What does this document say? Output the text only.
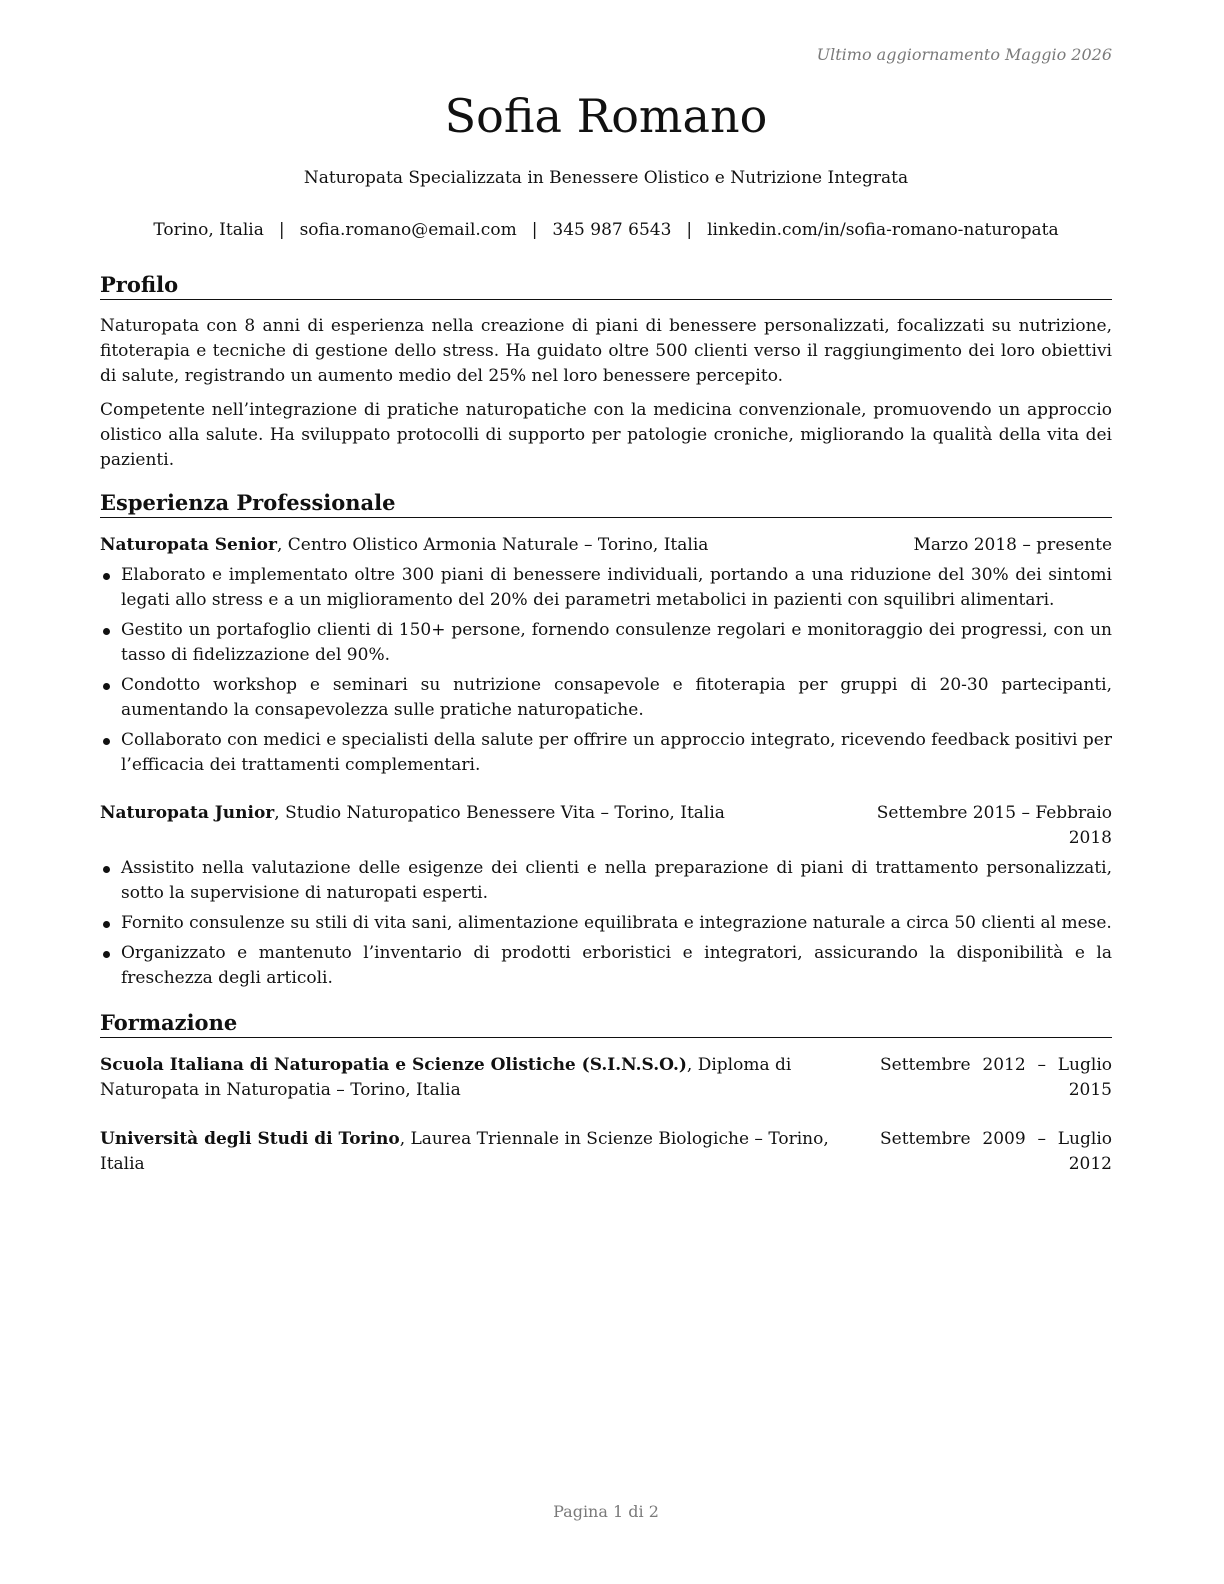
Ultimo aggiornamento Maggio 2026
Sofia Romano
Naturopata Specializzata in Benessere Olistico e Nutrizione Integrata
Torino, Italia | sofia.romano@email.com | 345 987 6543 | linkedin.com/in/sofia-romano-naturopata
Profilo
Naturopata con 8 anni di esperienza nella creazione di piani di benessere personalizzati, focalizzati su nutrizione, fitoterapia e tecniche di gestione dello stress. Ha guidato oltre 500 clienti verso il raggiungimento dei loro obiettivi di salute, registrando un aumento medio del 25% nel loro benessere percepito.
Competente nell’integrazione di pratiche naturopatiche con la medicina convenzionale, promuovendo un approccio olistico alla salute. Ha sviluppato protocolli di supporto per patologie croniche, migliorando la qualità della vita dei pazienti.
Esperienza Professionale
Naturopata Senior, Centro Olistico Armonia Naturale – Torino, Italia	Marzo 2018 – presente
Elaborato e implementato oltre 300 piani di benessere individuali, portando a una riduzione del 30% dei sintomi legati allo stress e a un miglioramento del 20% dei parametri metabolici in pazienti con squilibri alimentari.
Gestito un portafoglio clienti di 150+ persone, fornendo consulenze regolari e monitoraggio dei progressi, con un tasso di fidelizzazione del 90%.
Condotto workshop e seminari su nutrizione consapevole e fitoterapia per gruppi di 20-30 partecipanti, aumentando la consapevolezza sulle pratiche naturopatiche.
Collaborato con medici e specialisti della salute per offrire un approccio integrato, ricevendo feedback positivi per l’efficacia dei trattamenti complementari.
Naturopata Junior, Studio Naturopatico Benessere Vita – Torino, Italia	Settembre 2015 – Febbraio 2018
Assistito nella valutazione delle esigenze dei clienti e nella preparazione di piani di trattamento personalizzati, sotto la supervisione di naturopati esperti.
Fornito consulenze su stili di vita sani, alimentazione equilibrata e integrazione naturale a circa 50 clienti al mese.
Organizzato e mantenuto l’inventario di prodotti erboristici e integratori, assicurando la disponibilità e la freschezza degli articoli.
Formazione
Scuola Italiana di Naturopatia e Scienze Olistiche (S.I.N.S.O.), Diploma di Naturopata in Naturopatia – Torino, Italia
Settembre 2012 – Luglio 2015
Università degli Studi di Torino, Laurea Triennale in Scienze Biologiche – Torino, Italia
Settembre 2009 – Luglio 2012
Pagina 1 di 2
